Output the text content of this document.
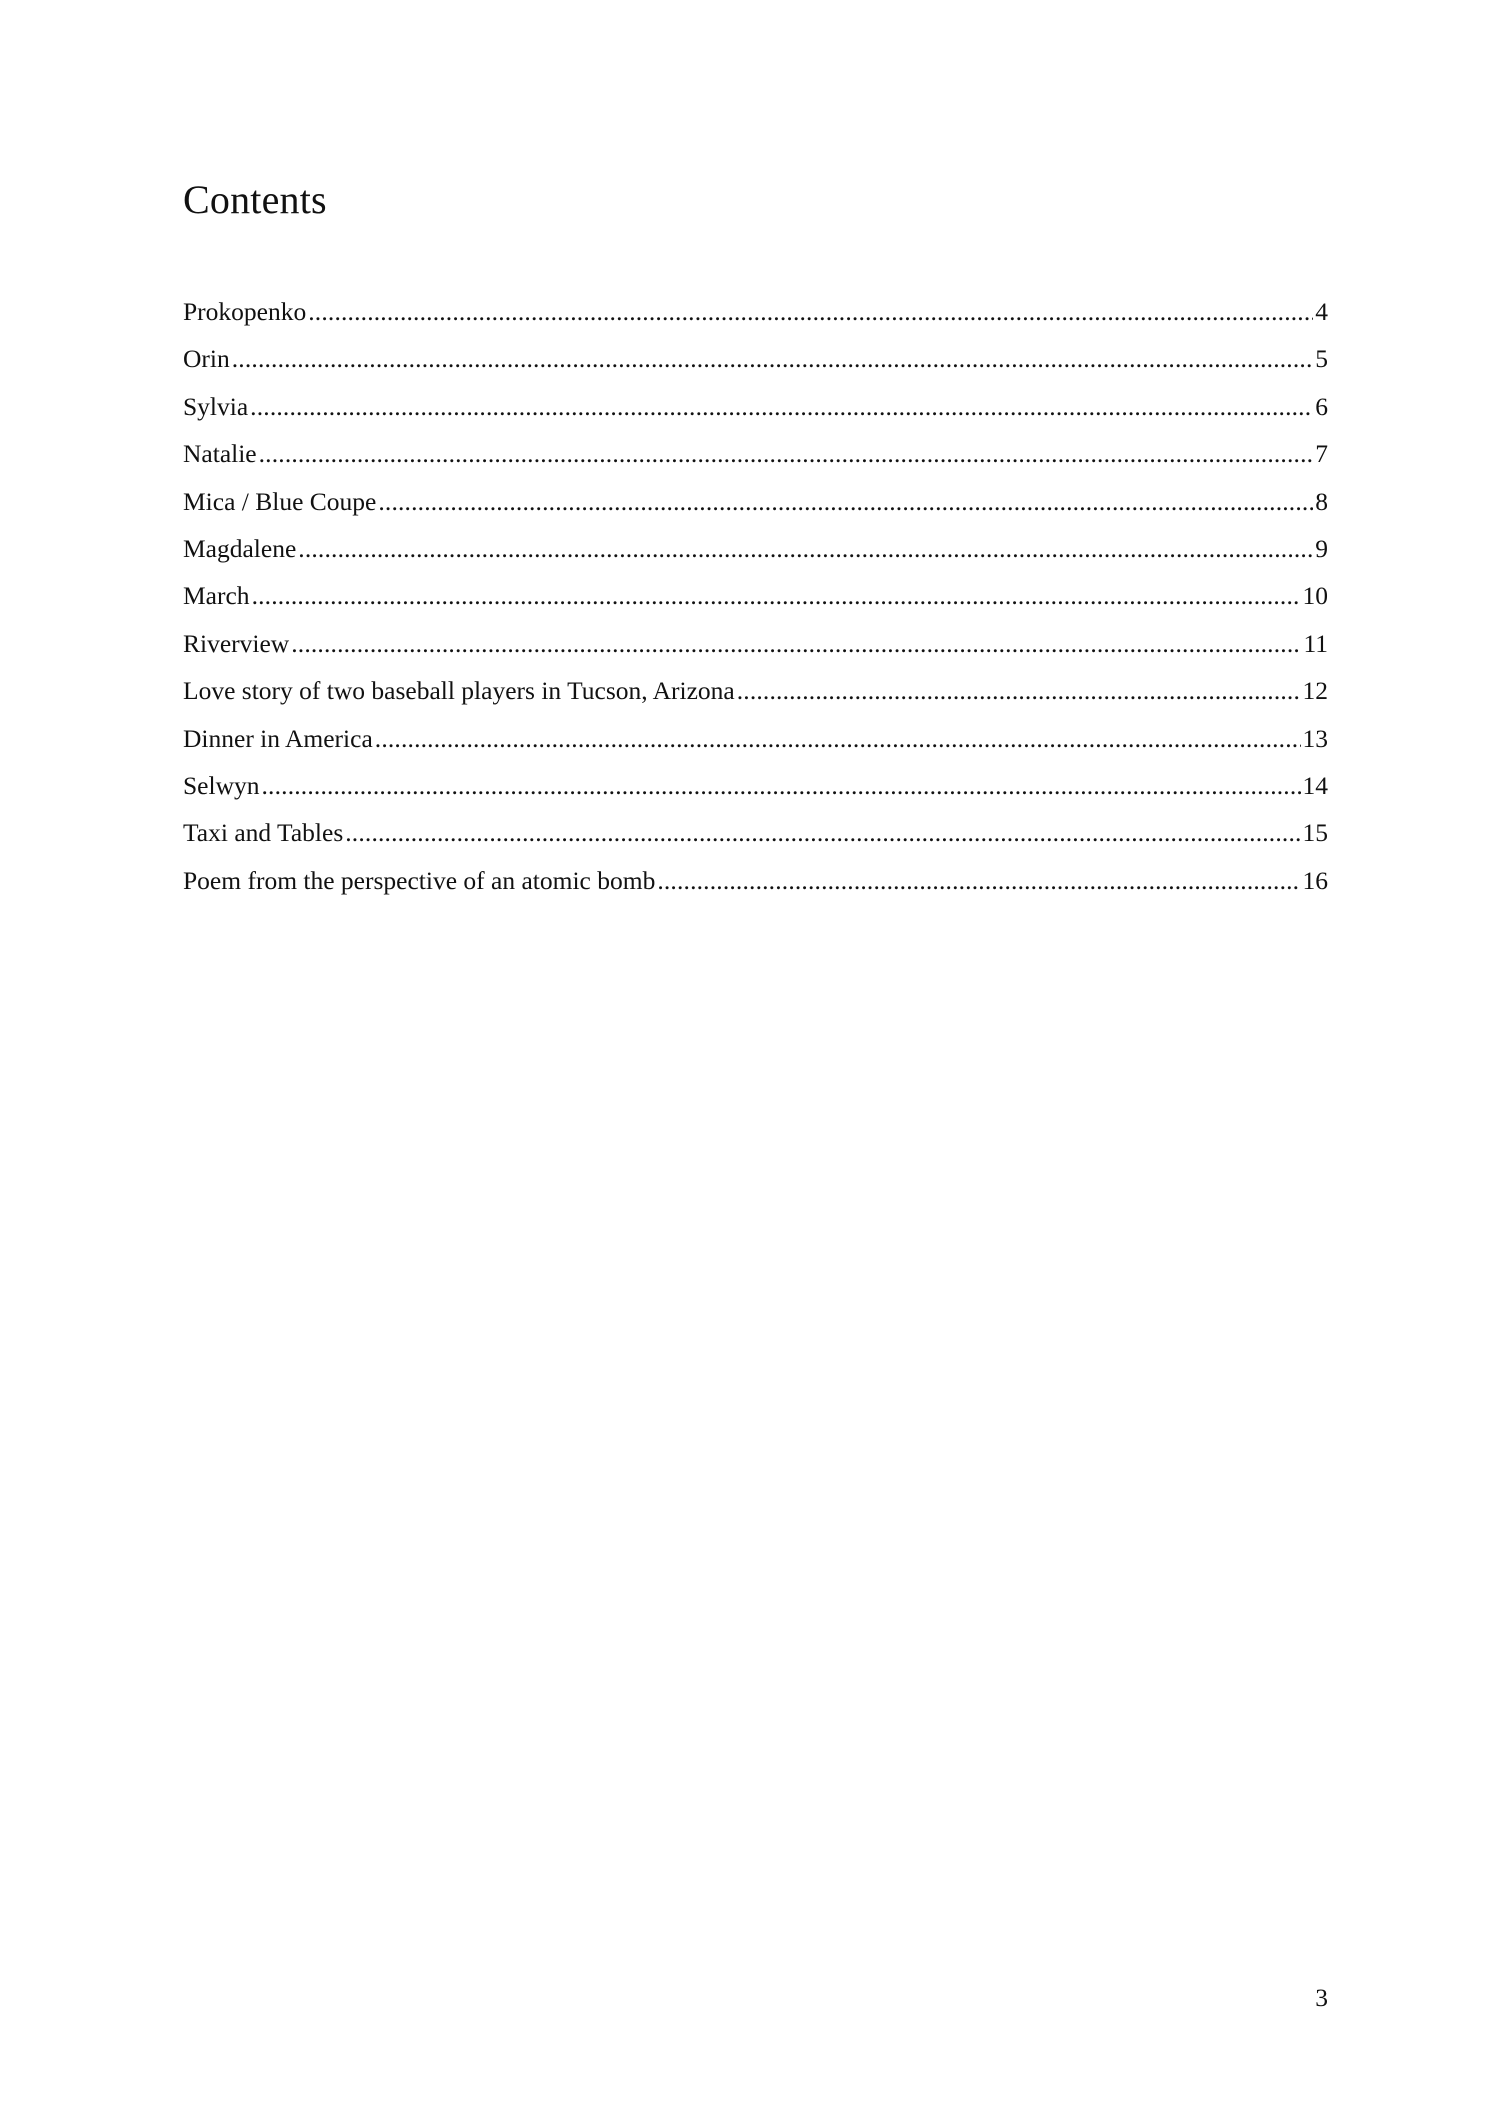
Contents
Prokopenko . . .	4
Orin . . .	5
Sylvia . . .	6
Natalie . . .	7
Mica / Blue Coupe . . .	8
Magdalene . . .	9
March . . .	10
Riverview . . .	11
Love story of two baseball players in Tucson, Arizona . . .	12
Dinner in America . . .	13
Selwyn . . .	14
Taxi and Tables . . .	15
Poem from the perspective of an atomic bomb . . .	16
3
